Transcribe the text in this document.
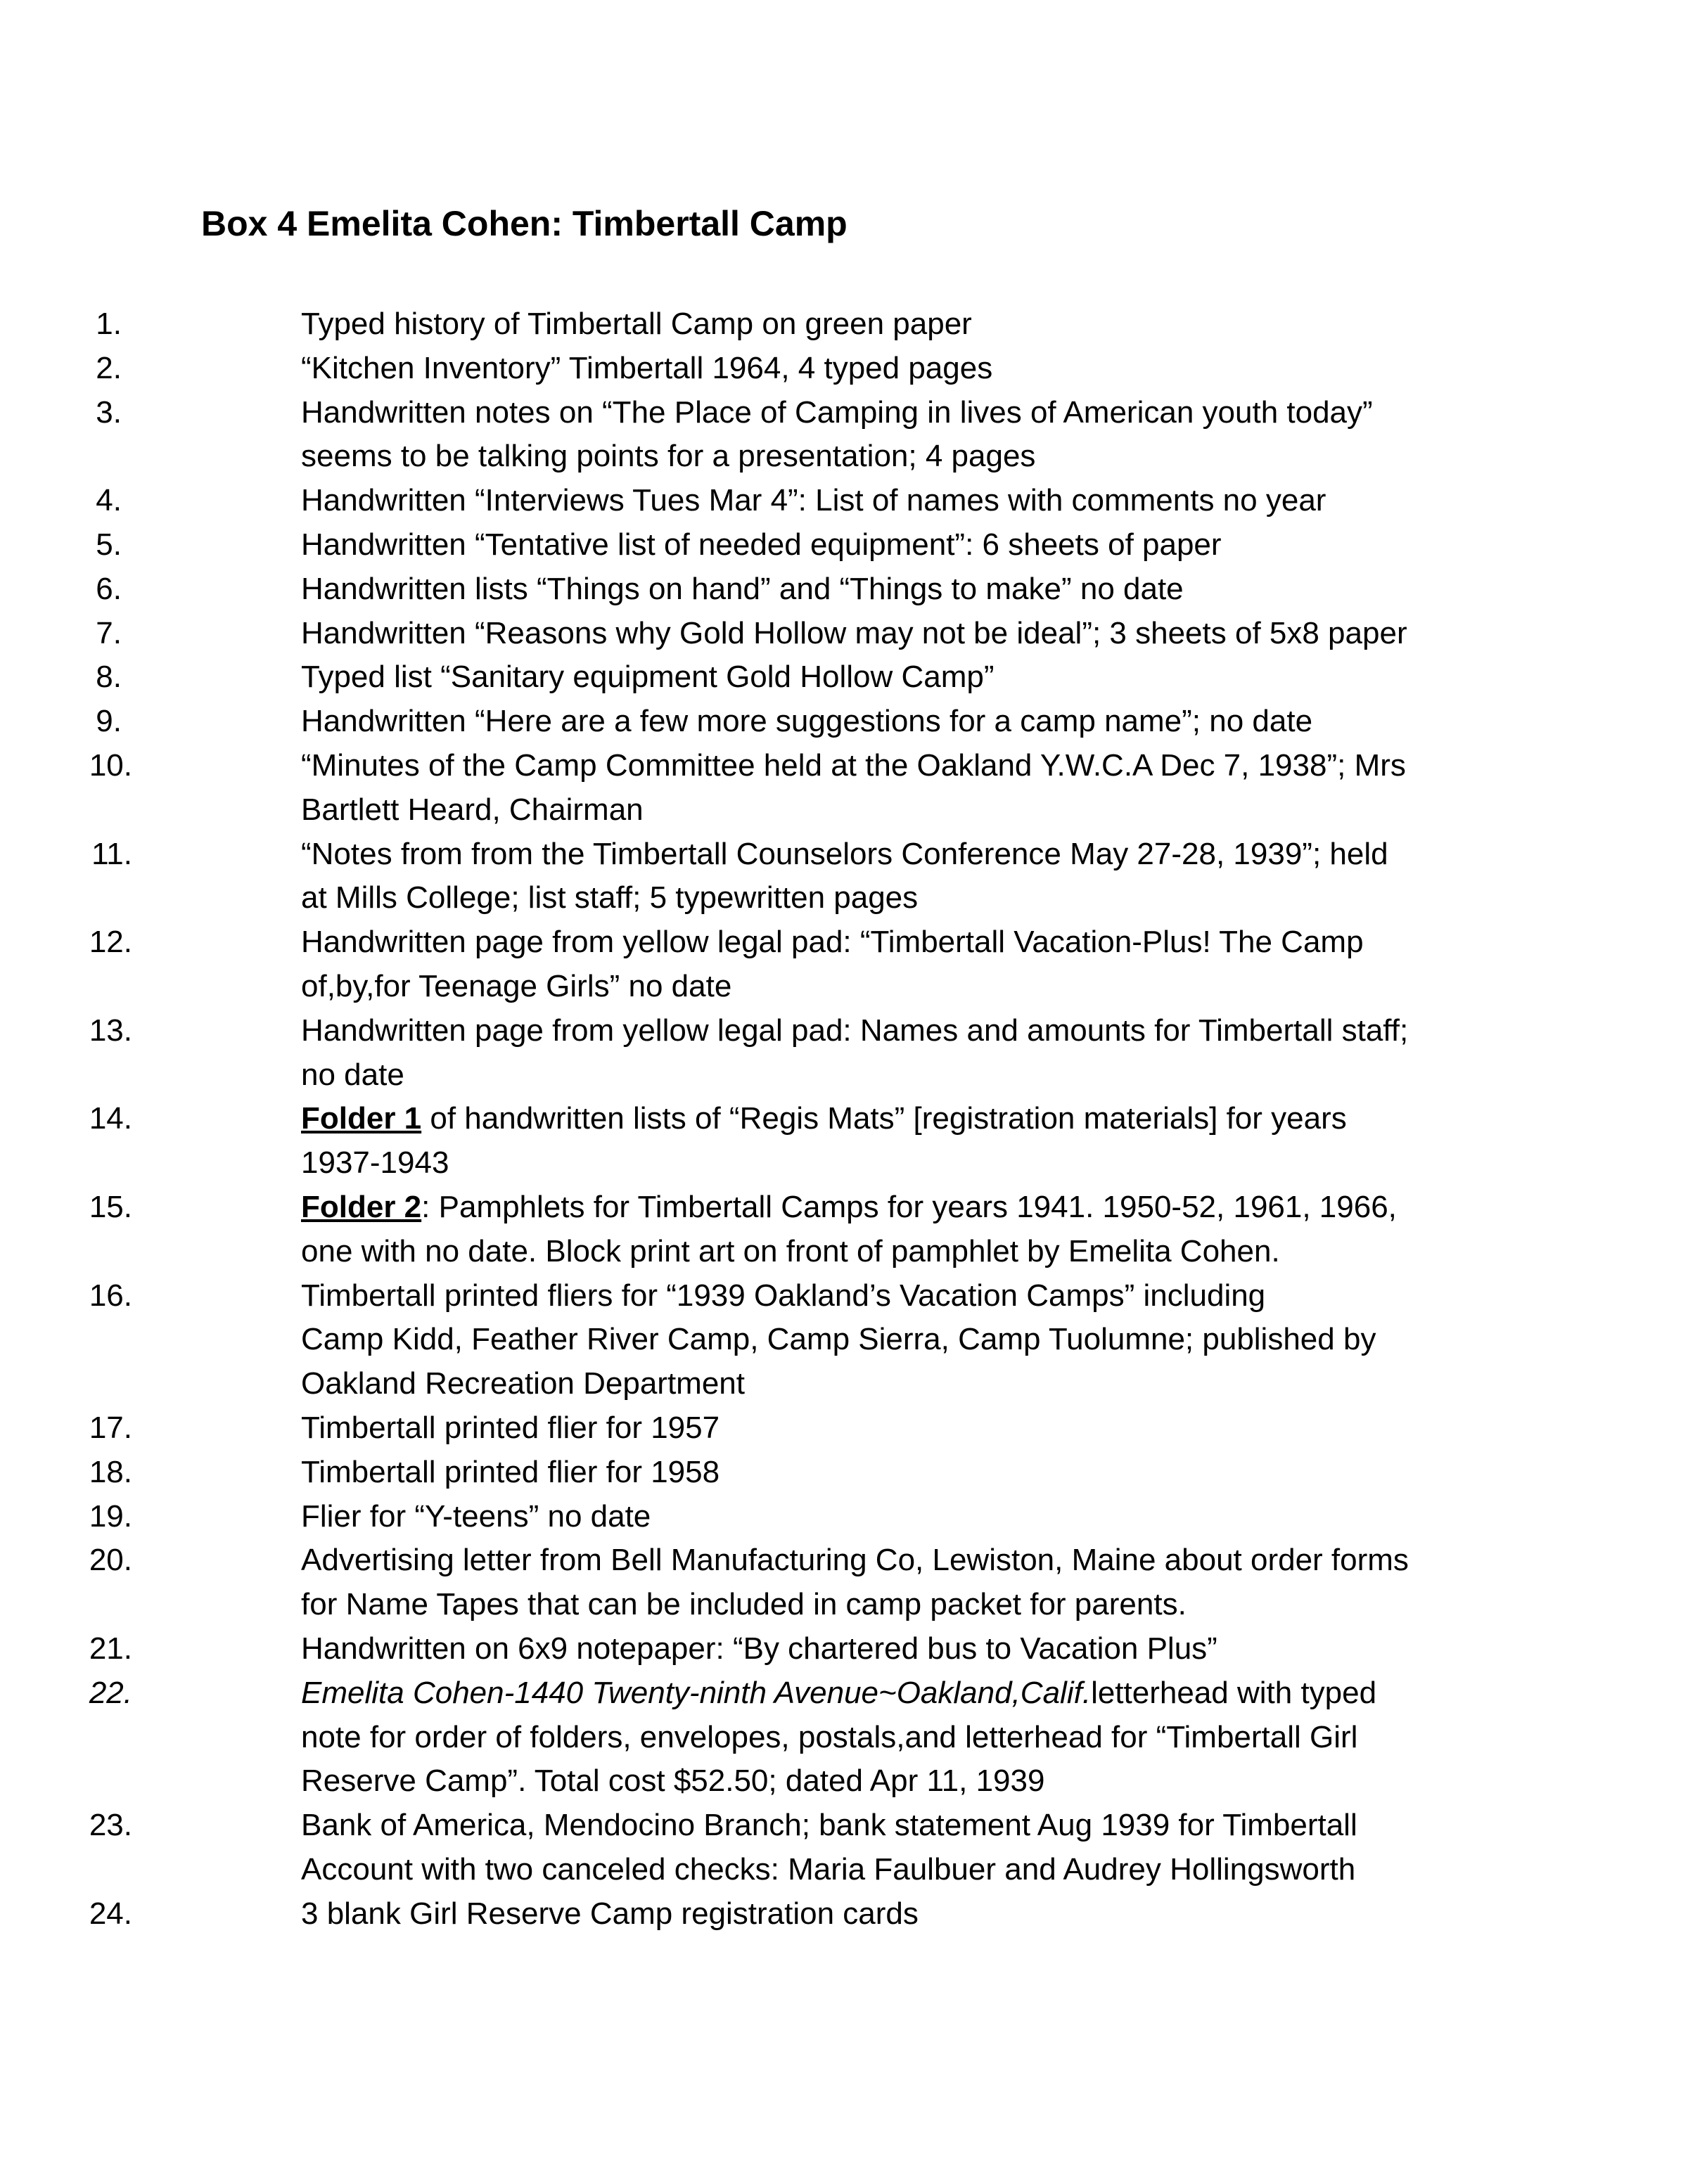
Box 4 Emelita Cohen: Timbertall Camp
1.	Typed history of Timbertall Camp on green paper
2.	“Kitchen Inventory” Timbertall 1964, 4 typed pages
3.	Handwritten notes on “The Place of Camping in lives of American youth today”
seems to be talking points for a presentation; 4 pages
4.	Handwritten “Interviews Tues Mar 4”: List of names with comments no year
5.	Handwritten “Tentative list of needed equipment”: 6 sheets of paper
6.	Handwritten lists “Things on hand” and “Things to make” no date
7.	Handwritten “Reasons why Gold Hollow may not be ideal”; 3 sheets of 5x8 paper
8.	Typed list “Sanitary equipment Gold Hollow Camp”
9.	Handwritten “Here are a few more suggestions for a camp name”; no date
10.	“Minutes of the Camp Committee held at the Oakland Y.W.C.A Dec 7, 1938”; Mrs
Bartlett Heard, Chairman
11.	“Notes from from the Timbertall Counselors Conference May 27-28, 1939”; held
at Mills College; list staff; 5 typewritten pages
12.	Handwritten page from yellow legal pad: “Timbertall Vacation-Plus! The Camp
of,by,for Teenage Girls” no date
13.	Handwritten page from yellow legal pad: Names and amounts for Timbertall staff;
no date
14.	Folder 1 of handwritten lists of “Regis Mats” [registration materials] for years
1937-1943
15.	Folder 2: Pamphlets for Timbertall Camps for years 1941. 1950-52, 1961, 1966,
one with no date. Block print art on front of pamphlet by Emelita Cohen.
16.	Timbertall printed fliers for “1939 Oakland’s Vacation Camps” including
Camp Kidd, Feather River Camp, Camp Sierra, Camp Tuolumne; published by
Oakland Recreation Department
17.	Timbertall printed flier for 1957
18.	Timbertall printed flier for 1958
19.	Flier for “Y-teens” no date
20.	Advertising letter from Bell Manufacturing Co, Lewiston, Maine about order forms
for Name Tapes that can be included in camp packet for parents.
21.	Handwritten on 6x9 notepaper: “By chartered bus to Vacation Plus”
22.	Emelita Cohen-1440 Twenty-ninth Avenue~Oakland,Calif.letterhead with typed
note for order of folders, envelopes, postals,and letterhead for “Timbertall Girl
Reserve Camp”. Total cost $52.50; dated Apr 11, 1939
23.	Bank of America, Mendocino Branch; bank statement Aug 1939 for Timbertall
Account with two canceled checks: Maria Faulbuer and Audrey Hollingsworth
24.	3 blank Girl Reserve Camp registration cards
